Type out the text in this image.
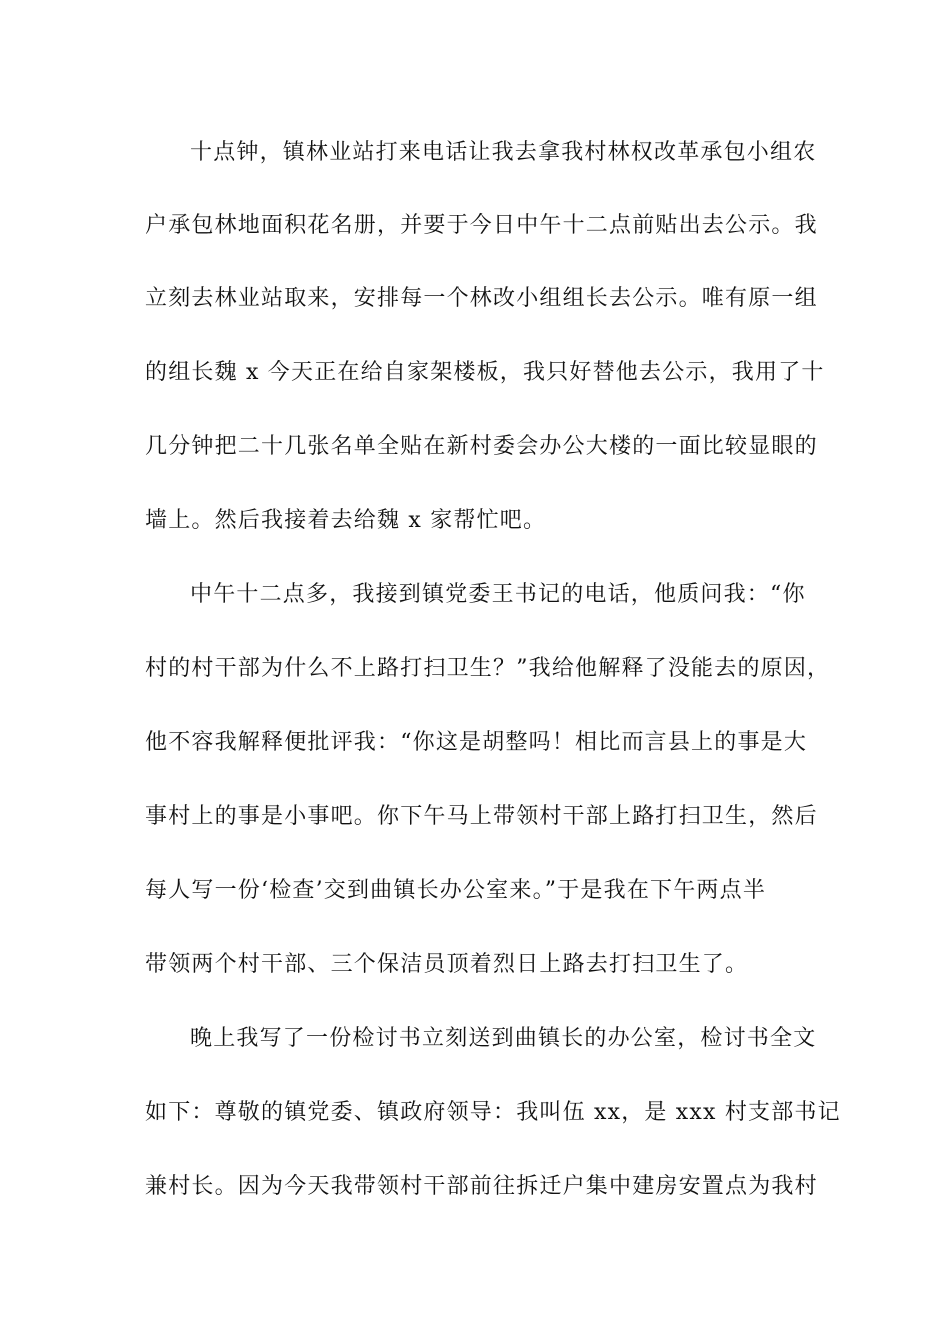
十点钟，镇林业站打来电话让我去拿我村林权改革承包小组农
户承包林地面积花名册，并要于今日中午十二点前贴出去公示。我
立刻去林业站取来，安排每一个林改小组组长去公示。唯有原一组
的组长魏 x 今天正在给自家架楼板，我只好替他去公示，我用了十
几分钟把二十几张名单全贴在新村委会办公大楼的一面比较显眼的
墙上。然后我接着去给魏 x 家帮忙吧。
中午十二点多，我接到镇党委王书记的电话，他质问我：“你
村的村干部为什么不上路打扫卫生？”我给他解释了没能去的原因，
他不容我解释便批评我：“你这是胡整吗！相比而言县上的事是大
事村上的事是小事吧。你下午马上带领村干部上路打扫卫生，然后
每人写一份‘检查’交到曲镇长办公室来。”于是我在下午两点半
带领两个村干部、三个保洁员顶着烈日上路去打扫卫生了。
晚上我写了一份检讨书立刻送到曲镇长的办公室，检讨书全文
如下：尊敬的镇党委、镇政府领导：我叫伍 xx，是 xxx 村支部书记
兼村长。因为今天我带领村干部前往拆迁户集中建房安置点为我村
